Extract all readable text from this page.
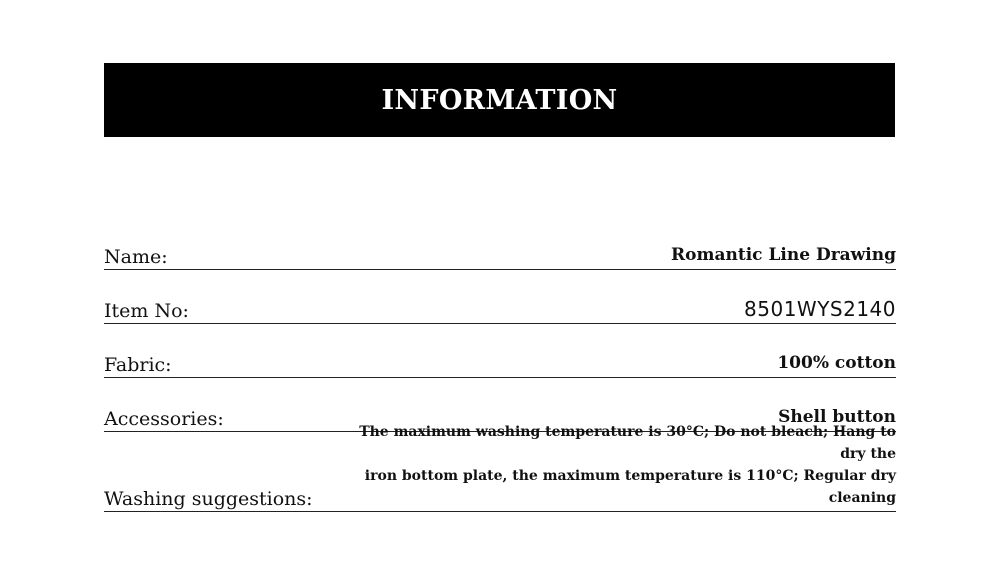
INFORMATION
Name:	Romantic Line Drawing
Item No:	8501WYS2140
Fabric:	100% cotton
Accessories:	Shell button
Washing suggestions:
The maximum washing temperature is 30°C; Do not bleach; Hang to dry the
iron bottom plate, the maximum temperature is 110°C; Regular dry cleaning
